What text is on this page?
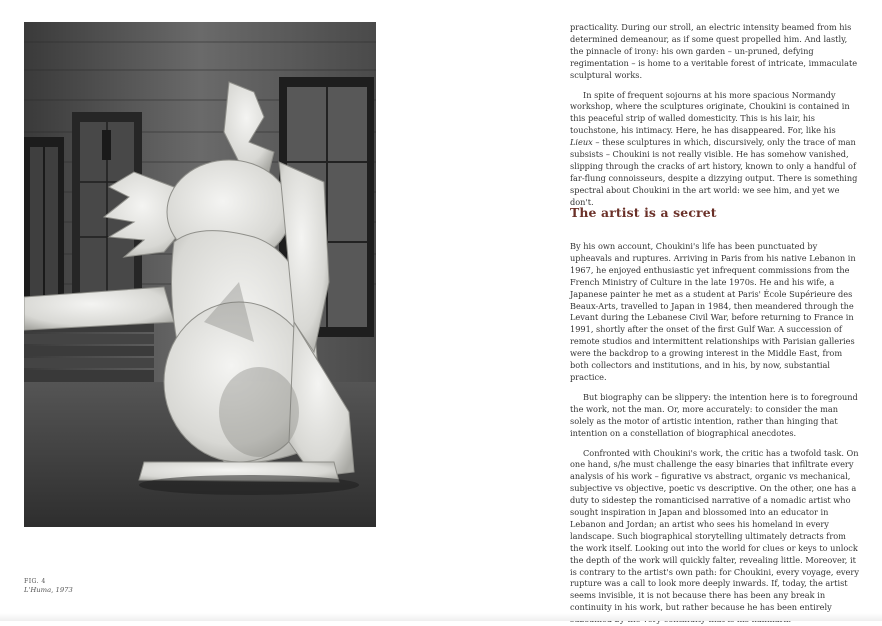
FIG. 4
L'Huma, 1973

practicality. During our stroll, an electric intensity beamed from his determined demeanour, as if some quest propelled him. And lastly, the pinnacle of irony: his own garden – un-pruned, defying regimentation – is home to a veritable forest of intricate, immaculate sculptural works.

In spite of frequent sojourns at his more spacious Normandy workshop, where the sculptures originate, Choukini is contained in this peaceful strip of walled domesticity. This is his lair, his touchstone, his intimacy. Here, he has disappeared. For, like his Lieux – these sculptures in which, discursively, only the trace of man subsists – Choukini is not really visible. He has somehow vanished, slipping through the cracks of art history, known to only a handful of far-flung connoisseurs, despite a dizzying output. There is something spectral about Choukini in the art world: we see him, and yet we don't.

The artist is a secret

By his own account, Choukini's life has been punctuated by upheavals and ruptures. Arriving in Paris from his native Lebanon in 1967, he enjoyed enthusiastic yet infrequent commissions from the French Ministry of Culture in the late 1970s. He and his wife, a Japanese painter he met as a student at Paris' École Supérieure des Beaux-Arts, travelled to Japan in 1984, then meandered through the Levant during the Lebanese Civil War, before returning to France in 1991, shortly after the onset of the first Gulf War. A succession of remote studios and intermittent relationships with Parisian galleries were the backdrop to a growing interest in the Middle East, from both collectors and institutions, and in his, by now, substantial practice.

But biography can be slippery: the intention here is to foreground the work, not the man. Or, more accurately: to consider the man solely as the motor of artistic intention, rather than hinging that intention on a constellation of biographical anecdotes.

Confronted with Choukini's work, the critic has a twofold task. On one hand, s/he must challenge the easy binaries that infiltrate every analysis of his work – figurative vs abstract, organic vs mechanical, subjective vs objective, poetic vs descriptive. On the other, one has a duty to sidestep the romanticised narrative of a nomadic artist who sought inspiration in Japan and blossomed into an educator in Lebanon and Jordan; an artist who sees his homeland in every landscape. Such biographical storytelling ultimately detracts from the work itself. Looking out into the world for clues or keys to unlock the depth of the work will quickly falter, revealing little. Moreover, it is contrary to the artist's own path: for Choukini, every voyage, every rupture was a call to look more deeply inwards. If, today, the artist seems invisible, it is not because there has been any break in continuity in his work, but rather because he has been entirely
